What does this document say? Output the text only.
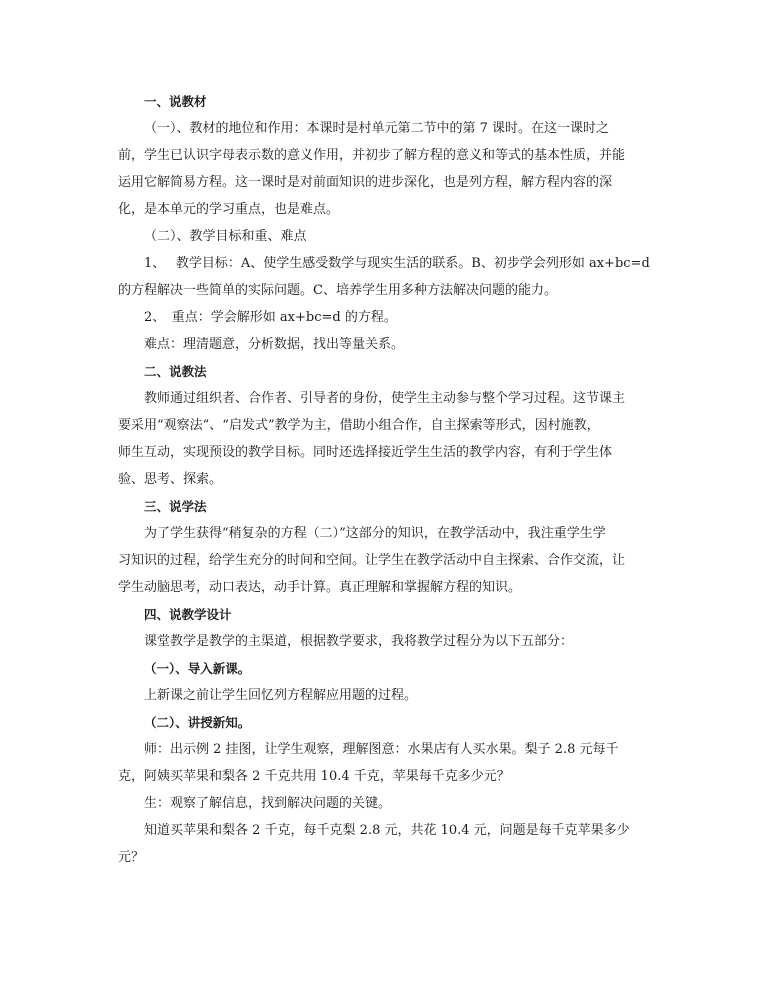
一、说教材

（一）、教材的地位和作用：本课时是村单元第二节中的第 7 课时。在这一课时之

前，学生已认识字母表示数的意义作用，并初步了解方程的意义和等式的基本性质，并能

运用它解简易方程。这一课时是对前面知识的进步深化，也是列方程，解方程内容的深

化，是本单元的学习重点，也是难点。

（二）、教学目标和重、难点

1、　 教学目标：A、使学生感受数学与现实生活的联系。B、初步学会列形如 ax+bc=d

的方程解决一些简单的实际问题。C、培养学生用多种方法解决问题的能力。

2、　重点：学会解形如 ax+bc=d 的方程。

难点：理清题意，分析数据，找出等量关系。

二、说教法

教师通过组织者、合作者、引导者的身份，使学生主动参与整个学习过程。这节课主

要采用“观察法”、“启发式”教学为主，借助小组合作，自主探索等形式，因村施教，

师生互动，实现预设的教学目标。同时还选择接近学生生活的教学内容，有利于学生体

验、思考、探索。

三、说学法

为了学生获得“稍复杂的方程（二）”这部分的知识，在教学活动中，我注重学生学

习知识的过程，给学生充分的时间和空间。让学生在教学活动中自主探索、合作交流，让

学生动脑思考，动口表达，动手计算。真正理解和掌握解方程的知识。

四、说教学设计

课堂教学是教学的主渠道，根据教学要求，我将教学过程分为以下五部分：

（一）、导入新课。

上新课之前让学生回忆列方程解应用题的过程。

（二）、讲授新知。

师：出示例 2 挂图，让学生观察，理解图意：水果店有人买水果。梨子 2.8 元每千

克，阿姨买苹果和梨各 2 千克共用 10.4 千克，苹果每千克多少元？

生：观察了解信息，找到解决问题的关键。

知道买苹果和梨各 2 千克，每千克梨 2.8 元，共花 10.4 元，问题是每千克苹果多少

元？
